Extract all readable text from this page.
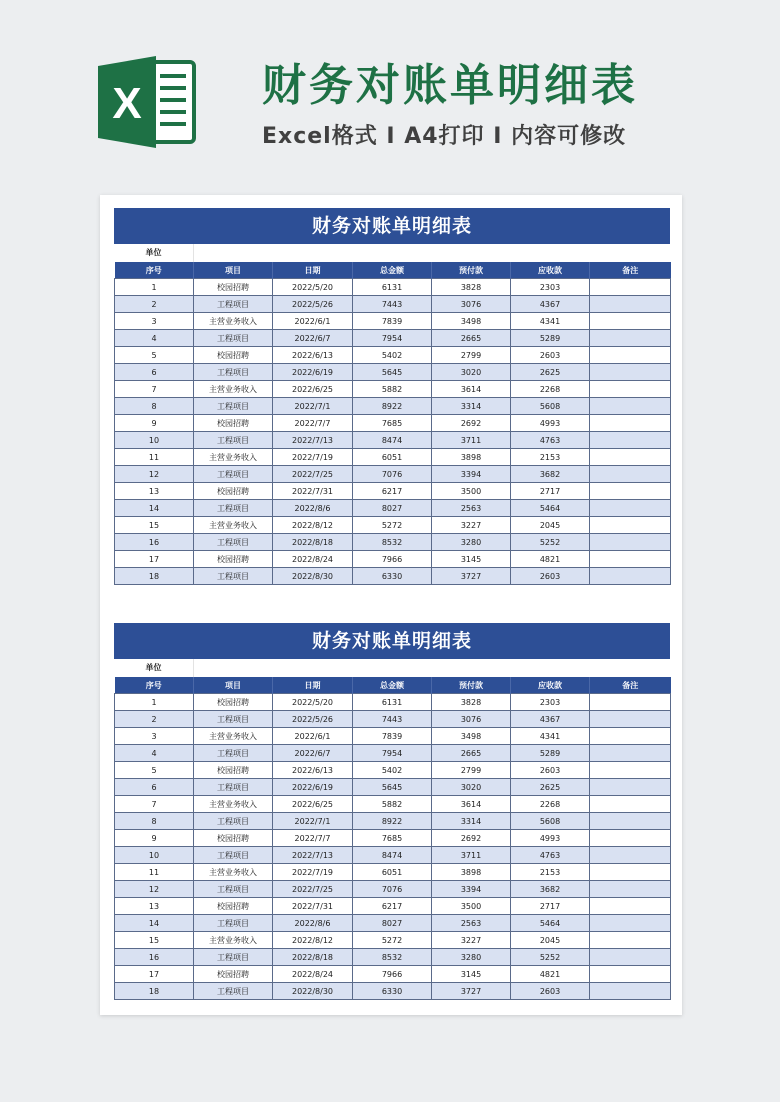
X	财务对账单明细表
Excel格式 I A4打印 I 内容可修改
财务对账单明细表
单位
序号	项目	日期	总金额	预付款	应收款	备注
1	校园招聘	2022/5/20	6131	3828	2303	
2	工程项目	2022/5/26	7443	3076	4367	
3	主营业务收入	2022/6/1	7839	3498	4341	
4	工程项目	2022/6/7	7954	2665	5289	
5	校园招聘	2022/6/13	5402	2799	2603	
6	工程项目	2022/6/19	5645	3020	2625	
7	主营业务收入	2022/6/25	5882	3614	2268	
8	工程项目	2022/7/1	8922	3314	5608	
9	校园招聘	2022/7/7	7685	2692	4993	
10	工程项目	2022/7/13	8474	3711	4763	
11	主营业务收入	2022/7/19	6051	3898	2153	
12	工程项目	2022/7/25	7076	3394	3682	
13	校园招聘	2022/7/31	6217	3500	2717	
14	工程项目	2022/8/6	8027	2563	5464	
15	主营业务收入	2022/8/12	5272	3227	2045	
16	工程项目	2022/8/18	8532	3280	5252	
17	校园招聘	2022/8/24	7966	3145	4821	
18	工程项目	2022/8/30	6330	3727	2603	
财务对账单明细表
单位
序号	项目	日期	总金额	预付款	应收款	备注
1	校园招聘	2022/5/20	6131	3828	2303	
2	工程项目	2022/5/26	7443	3076	4367	
3	主营业务收入	2022/6/1	7839	3498	4341	
4	工程项目	2022/6/7	7954	2665	5289	
5	校园招聘	2022/6/13	5402	2799	2603	
6	工程项目	2022/6/19	5645	3020	2625	
7	主营业务收入	2022/6/25	5882	3614	2268	
8	工程项目	2022/7/1	8922	3314	5608	
9	校园招聘	2022/7/7	7685	2692	4993	
10	工程项目	2022/7/13	8474	3711	4763	
11	主营业务收入	2022/7/19	6051	3898	2153	
12	工程项目	2022/7/25	7076	3394	3682	
13	校园招聘	2022/7/31	6217	3500	2717	
14	工程项目	2022/8/6	8027	2563	5464	
15	主营业务收入	2022/8/12	5272	3227	2045	
16	工程项目	2022/8/18	8532	3280	5252	
17	校园招聘	2022/8/24	7966	3145	4821	
18	工程项目	2022/8/30	6330	3727	2603	
